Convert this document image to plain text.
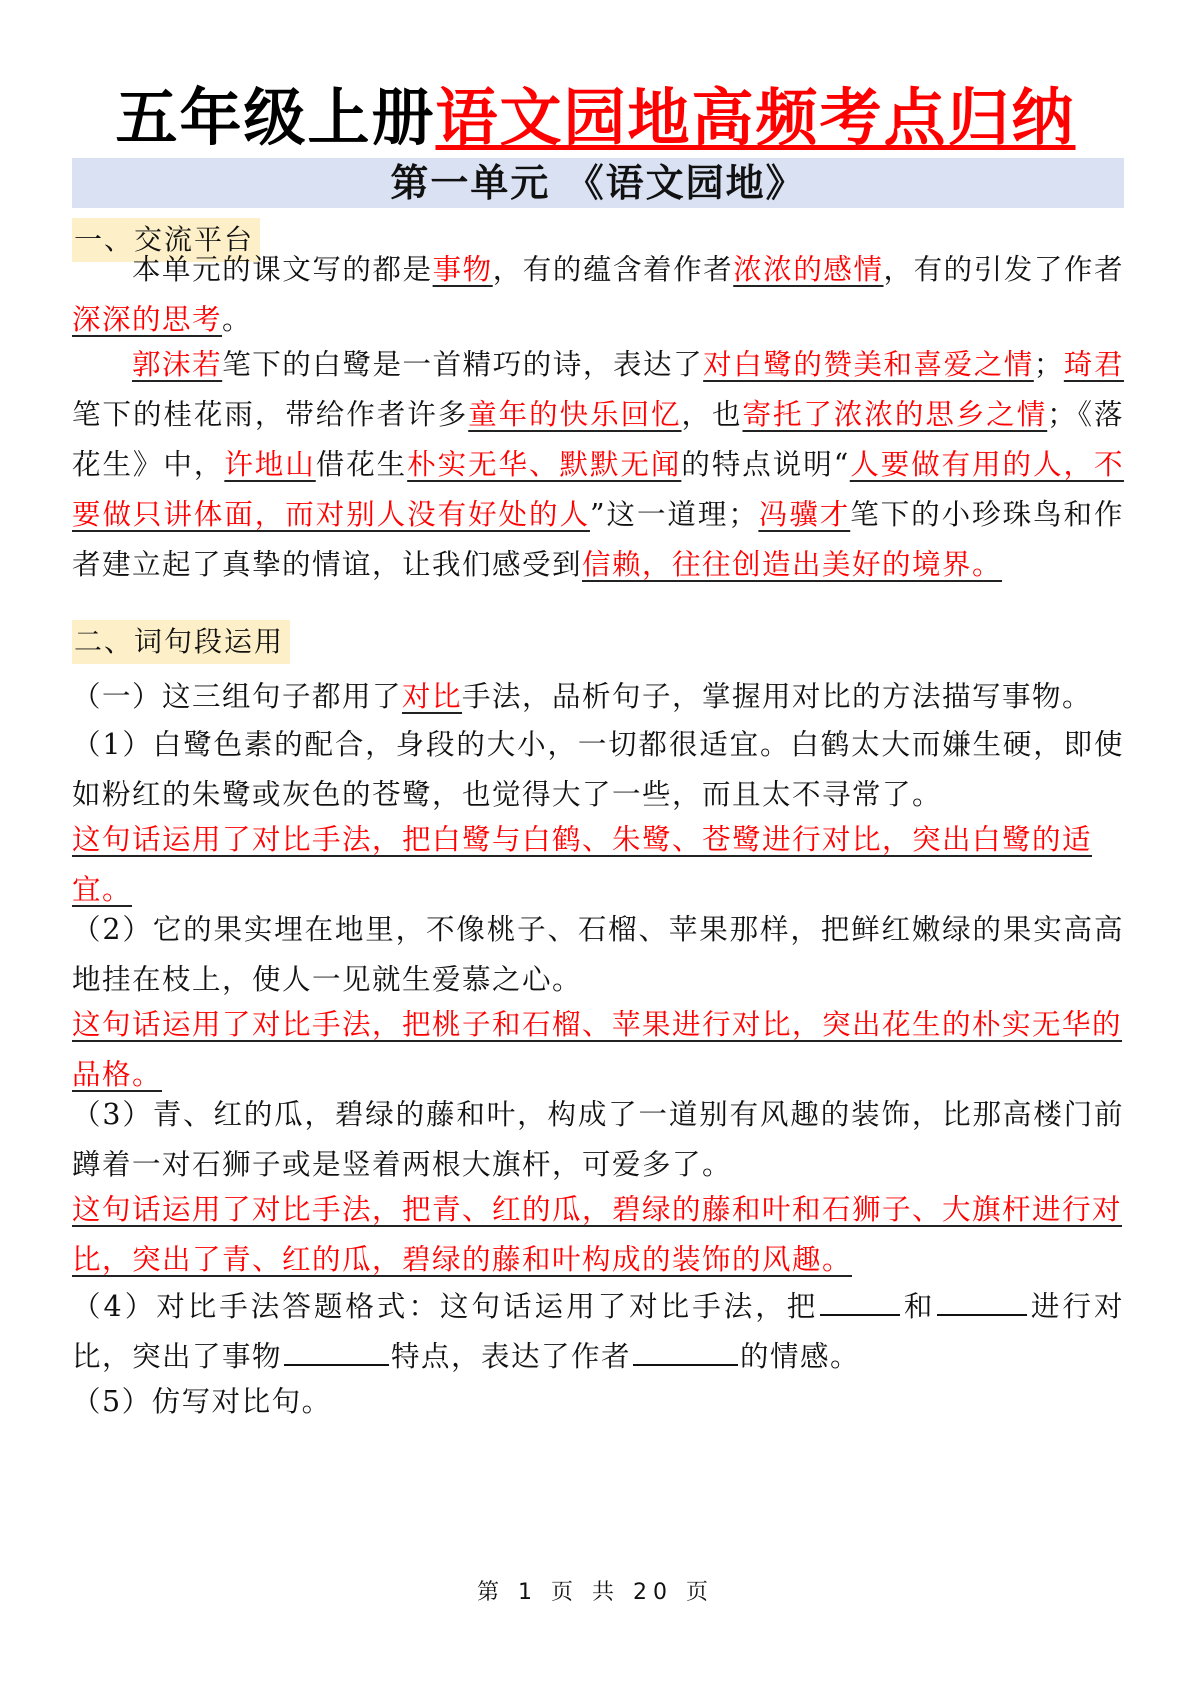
五年级上册语文园地高频考点归纳
第一单元 《语文园地》
一、交流平台
本单元的课文写的都是事物，有的蕴含着作者浓浓的感情，有的引发了作者深深的思考。
郭沫若笔下的白鹭是一首精巧的诗，表达了对白鹭的赞美和喜爱之情；琦君笔下的桂花雨，带给作者许多童年的快乐回忆，也寄托了浓浓的思乡之情；《落花生》中，许地山借花生朴实无华、默默无闻的特点说明“人要做有用的人，不要做只讲体面，而对别人没有好处的人”这一道理；冯骥才笔下的小珍珠鸟和作者建立起了真挚的情谊，让我们感受到信赖，往往创造出美好的境界。
二、词句段运用
（一）这三组句子都用了对比手法，品析句子，掌握用对比的方法描写事物。
（1）白鹭色素的配合，身段的大小，一切都很适宜。白鹤太大而嫌生硬，即使如粉红的朱鹭或灰色的苍鹭，也觉得大了一些，而且太不寻常了。
这句话运用了对比手法，把白鹭与白鹤、朱鹭、苍鹭进行对比，突出白鹭的适宜。
（2）它的果实埋在地里，不像桃子、石榴、苹果那样，把鲜红嫩绿的果实高高地挂在枝上，使人一见就生爱慕之心。
这句话运用了对比手法，把桃子和石榴、苹果进行对比，突出花生的朴实无华的品格。
（3）青、红的瓜，碧绿的藤和叶，构成了一道别有风趣的装饰，比那高楼门前蹲着一对石狮子或是竖着两根大旗杆，可爱多了。
这句话运用了对比手法，把青、红的瓜，碧绿的藤和叶和石狮子、大旗杆进行对比，突出了青、红的瓜，碧绿的藤和叶构成的装饰的风趣。
（4）对比手法答题格式：这句话运用了对比手法，把	和	进行对比，突出了事物	特点，表达了作者	的情感。
（5）仿写对比句。
第 1 页 共 20 页
